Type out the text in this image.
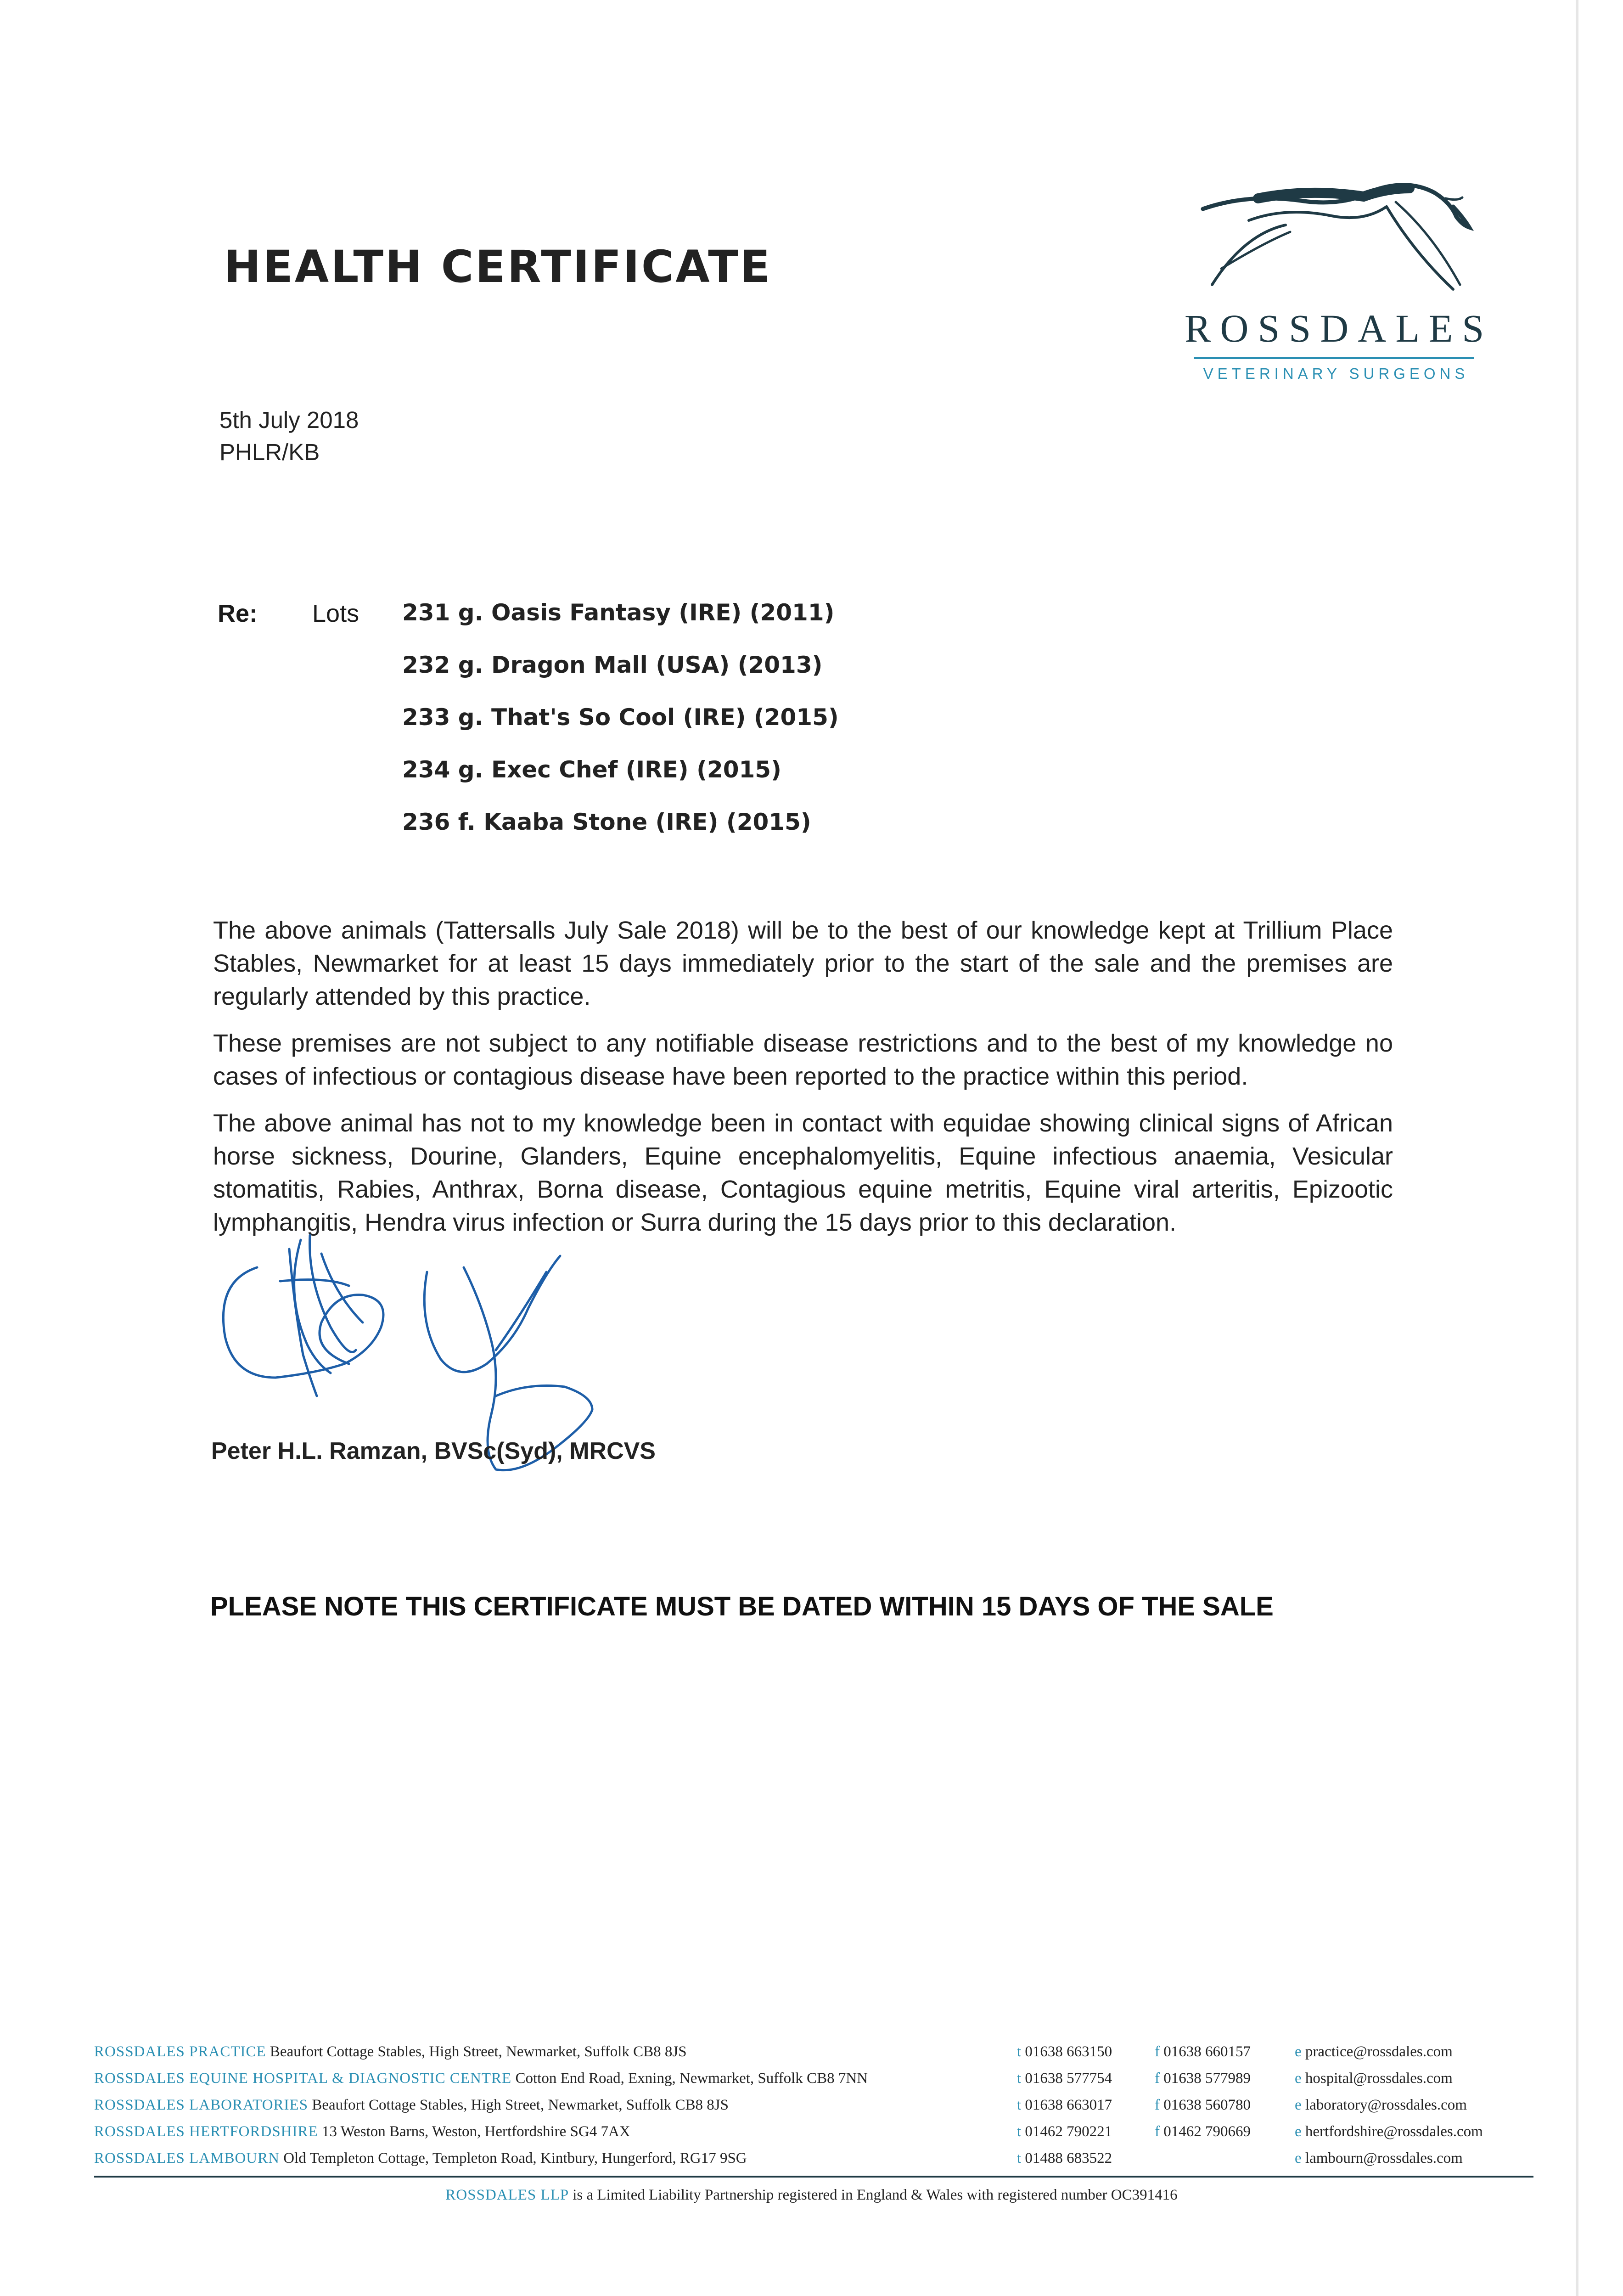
HEALTH CERTIFICATE
ROSSDALES
VETERINARY SURGEONS
5th July 2018
PHLR/KB
Re: Lots 231 g. Oasis Fantasy (IRE) (2011)
232 g. Dragon Mall (USA) (2013)
233 g. That's So Cool (IRE) (2015)
234 g. Exec Chef (IRE) (2015)
236 f. Kaaba Stone (IRE) (2015)

The above animals (Tattersalls July Sale 2018) will be to the best of our knowledge kept at Trillium Place Stables, Newmarket for at least 15 days immediately prior to the start of the sale and the premises are regularly attended by this practice.

These premises are not subject to any notifiable disease restrictions and to the best of my knowledge no cases of infectious or contagious disease have been reported to the practice within this period.

The above animal has not to my knowledge been in contact with equidae showing clinical signs of African horse sickness, Dourine, Glanders, Equine encephalomyelitis, Equine infectious anaemia, Vesicular stomatitis, Rabies, Anthrax, Borna disease, Contagious equine metritis, Equine viral arteritis, Epizootic lymphangitis, Hendra virus infection or Surra during the 15 days prior to this declaration.

Peter H.L. Ramzan, BVSc(Syd), MRCVS
PLEASE NOTE THIS CERTIFICATE MUST BE DATED WITHIN 15 DAYS OF THE SALE
ROSSDALES PRACTICE Beaufort Cottage Stables, High Street, Newmarket, Suffolk CB8 8JS	t 01638 663150	f 01638 660157	e practice@rossdales.com
ROSSDALES EQUINE HOSPITAL & DIAGNOSTIC CENTRE Cotton End Road, Exning, Newmarket, Suffolk CB8 7NN	t 01638 577754	f 01638 577989	e hospital@rossdales.com
ROSSDALES LABORATORIES Beaufort Cottage Stables, High Street, Newmarket, Suffolk CB8 8JS	t 01638 663017	f 01638 560780	e laboratory@rossdales.com
ROSSDALES HERTFORDSHIRE 13 Weston Barns, Weston, Hertfordshire SG4 7AX	t 01462 790221	f 01462 790669	e hertfordshire@rossdales.com
ROSSDALES LAMBOURN Old Templeton Cottage, Templeton Road, Kintbury, Hungerford, RG17 9SG	t 01488 683522	e lambourn@rossdales.com
ROSSDALES LLP is a Limited Liability Partnership registered in England & Wales with registered number OC391416
